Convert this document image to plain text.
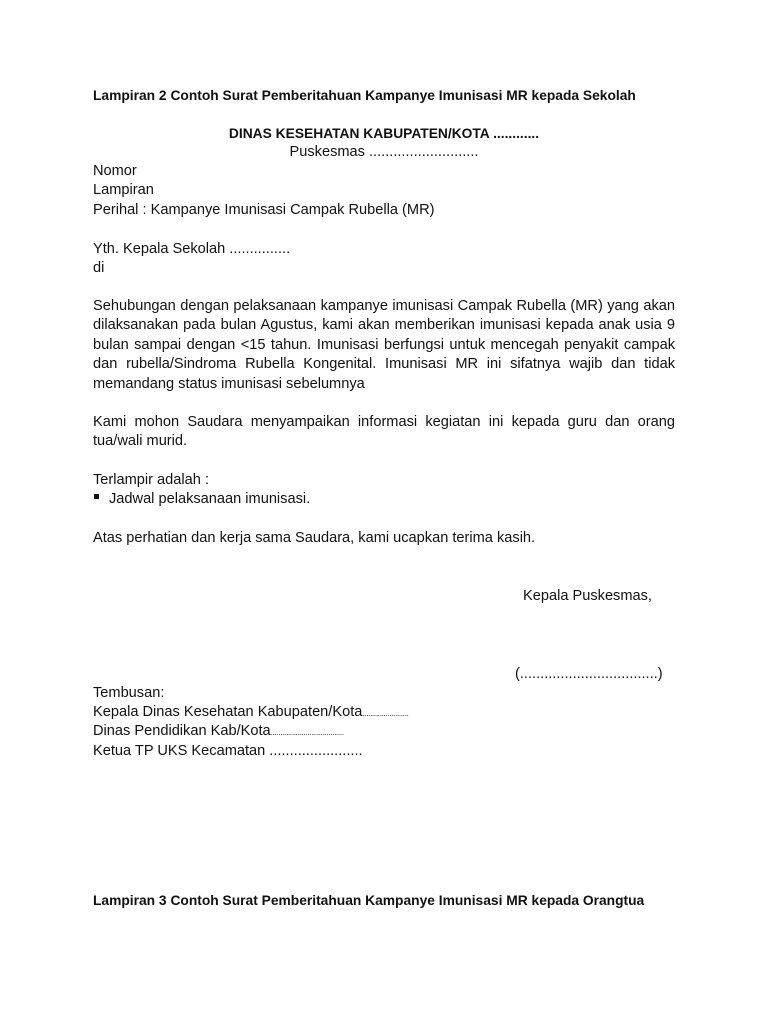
Lampiran 2 Contoh Surat Pemberitahuan Kampanye Imunisasi MR kepada Sekolah
DINAS KESEHATAN KABUPATEN/KOTA ............
Puskesmas ...........................
Nomor
Lampiran
Perihal : Kampanye Imunisasi Campak Rubella (MR)
Yth. Kepala Sekolah ...............
di

Sehubungan dengan pelaksanaan kampanye imunisasi Campak Rubella (MR) yang akan dilaksanakan pada bulan Agustus, kami akan memberikan imunisasi kepada anak usia 9 bulan sampai dengan <15 tahun. Imunisasi berfungsi untuk mencegah penyakit campak dan rubella/Sindroma Rubella Kongenital. Imunisasi MR ini sifatnya wajib dan tidak memandang status imunisasi sebelumnya

Kami mohon Saudara menyampaikan informasi kegiatan ini kepada guru dan orang tua/wali murid.

Terlampir adalah :
Jadwal pelaksanaan imunisasi.
Atas perhatian dan kerja sama Saudara, kami ucapkan terima kasih.
Kepala Puskesmas,
(..................................)
Tembusan:
Kepala Dinas Kesehatan Kabupaten/Kota........................
Dinas Pendidikan Kab/Kota......................................
Ketua TP UKS Kecamatan .......................
Lampiran 3 Contoh Surat Pemberitahuan Kampanye Imunisasi MR kepada Orangtua
